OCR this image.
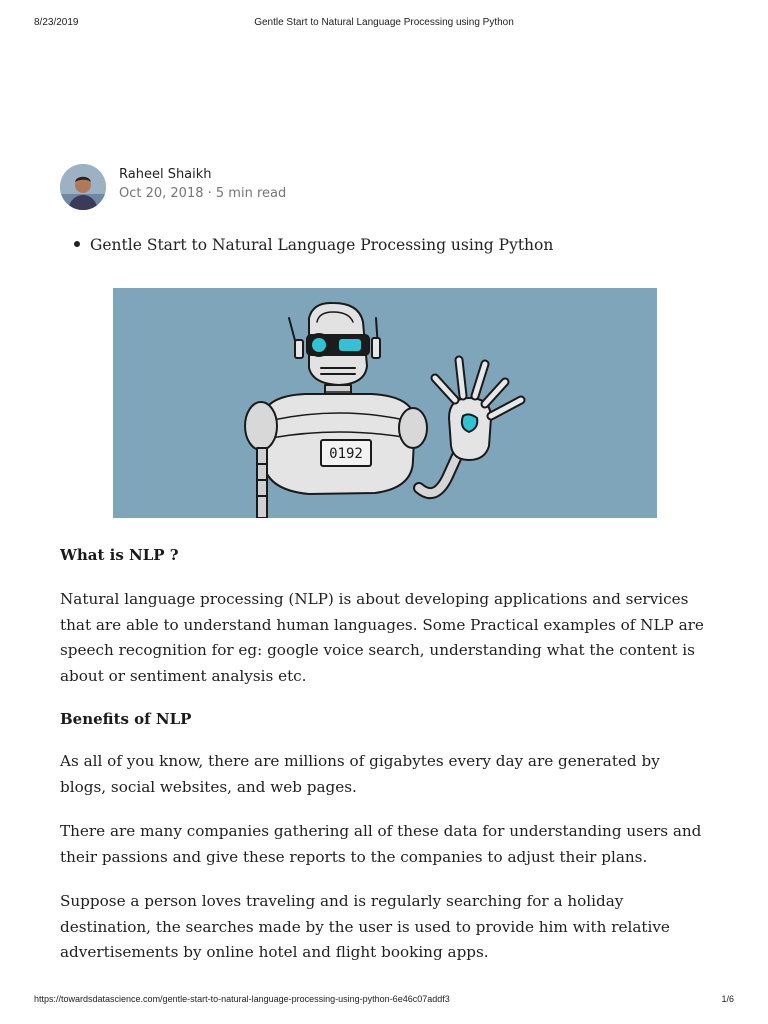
8/23/2019	Gentle Start to Natural Language Processing using Python
Raheel Shaikh
Oct 20, 2018 · 5 min read
Gentle Start to Natural Language Processing using Python
0192
What is NLP ?

Natural language processing (NLP) is about developing applications and services that are able to understand human languages. Some Practical examples of NLP are speech recognition for eg: google voice search, understanding what the content is about or sentiment analysis etc.

Benefits of NLP

As all of you know, there are millions of gigabytes every day are generated by blogs, social websites, and web pages.

There are many companies gathering all of these data for understanding users and their passions and give these reports to the companies to adjust their plans.

Suppose a person loves traveling and is regularly searching for a holiday destination, the searches made by the user is used to provide him with relative advertisements by online hotel and flight booking apps.

https://towardsdatascience.com/gentle-start-to-natural-language-processing-using-python-6e46c07addf3	1/6
